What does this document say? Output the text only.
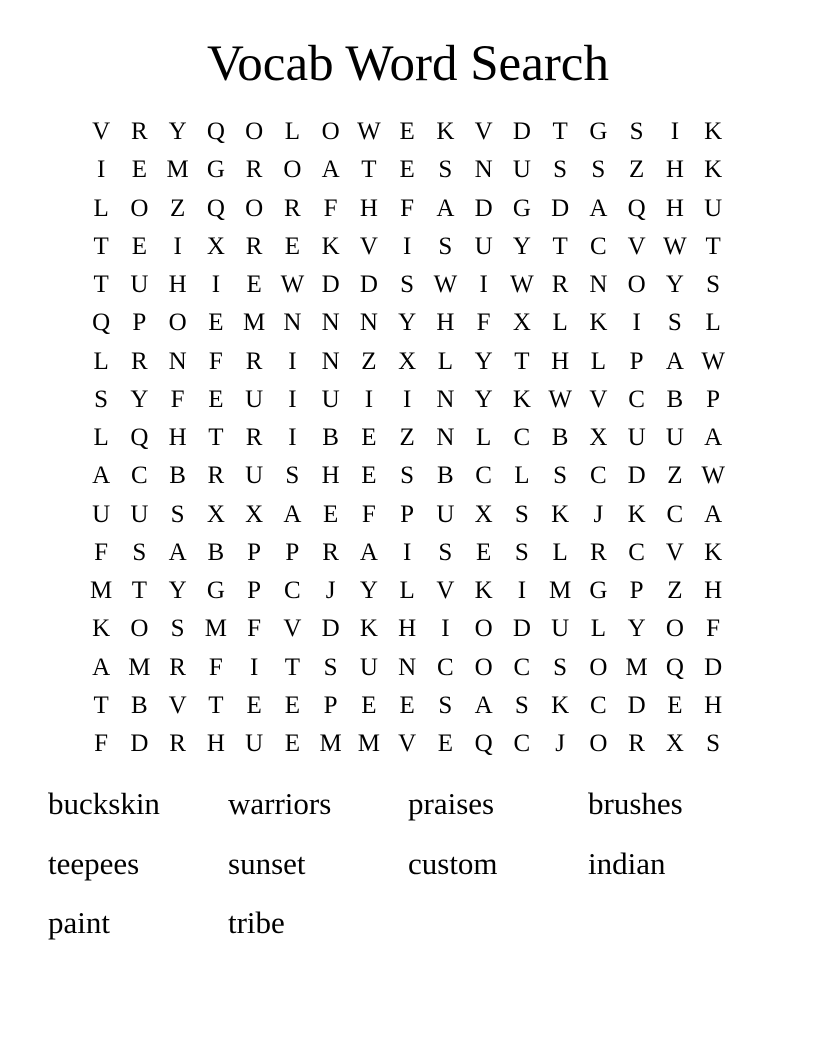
Vocab Word Search
V	R	Y	Q	O	L	O	W	E	K	V	D	T	G	S	I	K
I	E	M	G	R	O	A	T	E	S	N	U	S	S	Z	H	K
L	O	Z	Q	O	R	F	H	F	A	D	G	D	A	Q	H	U
T	E	I	X	R	E	K	V	I	S	U	Y	T	C	V	W	T
T	U	H	I	E	W	D	D	S	W	I	W	R	N	O	Y	S
Q	P	O	E	M	N	N	N	Y	H	F	X	L	K	I	S	L
L	R	N	F	R	I	N	Z	X	L	Y	T	H	L	P	A	W
S	Y	F	E	U	I	U	I	I	N	Y	K	W	V	C	B	P
L	Q	H	T	R	I	B	E	Z	N	L	C	B	X	U	U	A
A	C	B	R	U	S	H	E	S	B	C	L	S	C	D	Z	W
U	U	S	X	X	A	E	F	P	U	X	S	K	J	K	C	A
F	S	A	B	P	P	R	A	I	S	E	S	L	R	C	V	K
M	T	Y	G	P	C	J	Y	L	V	K	I	M	G	P	Z	H
K	O	S	M	F	V	D	K	H	I	O	D	U	L	Y	O	F
A	M	R	F	I	T	S	U	N	C	O	C	S	O	M	Q	D
T	B	V	T	E	E	P	E	E	S	A	S	K	C	D	E	H
F	D	R	H	U	E	M	M	V	E	Q	C	J	O	R	X	S
buckskin	warriors	praises	brushes
teepees	sunset	custom	indian
paint	tribe
